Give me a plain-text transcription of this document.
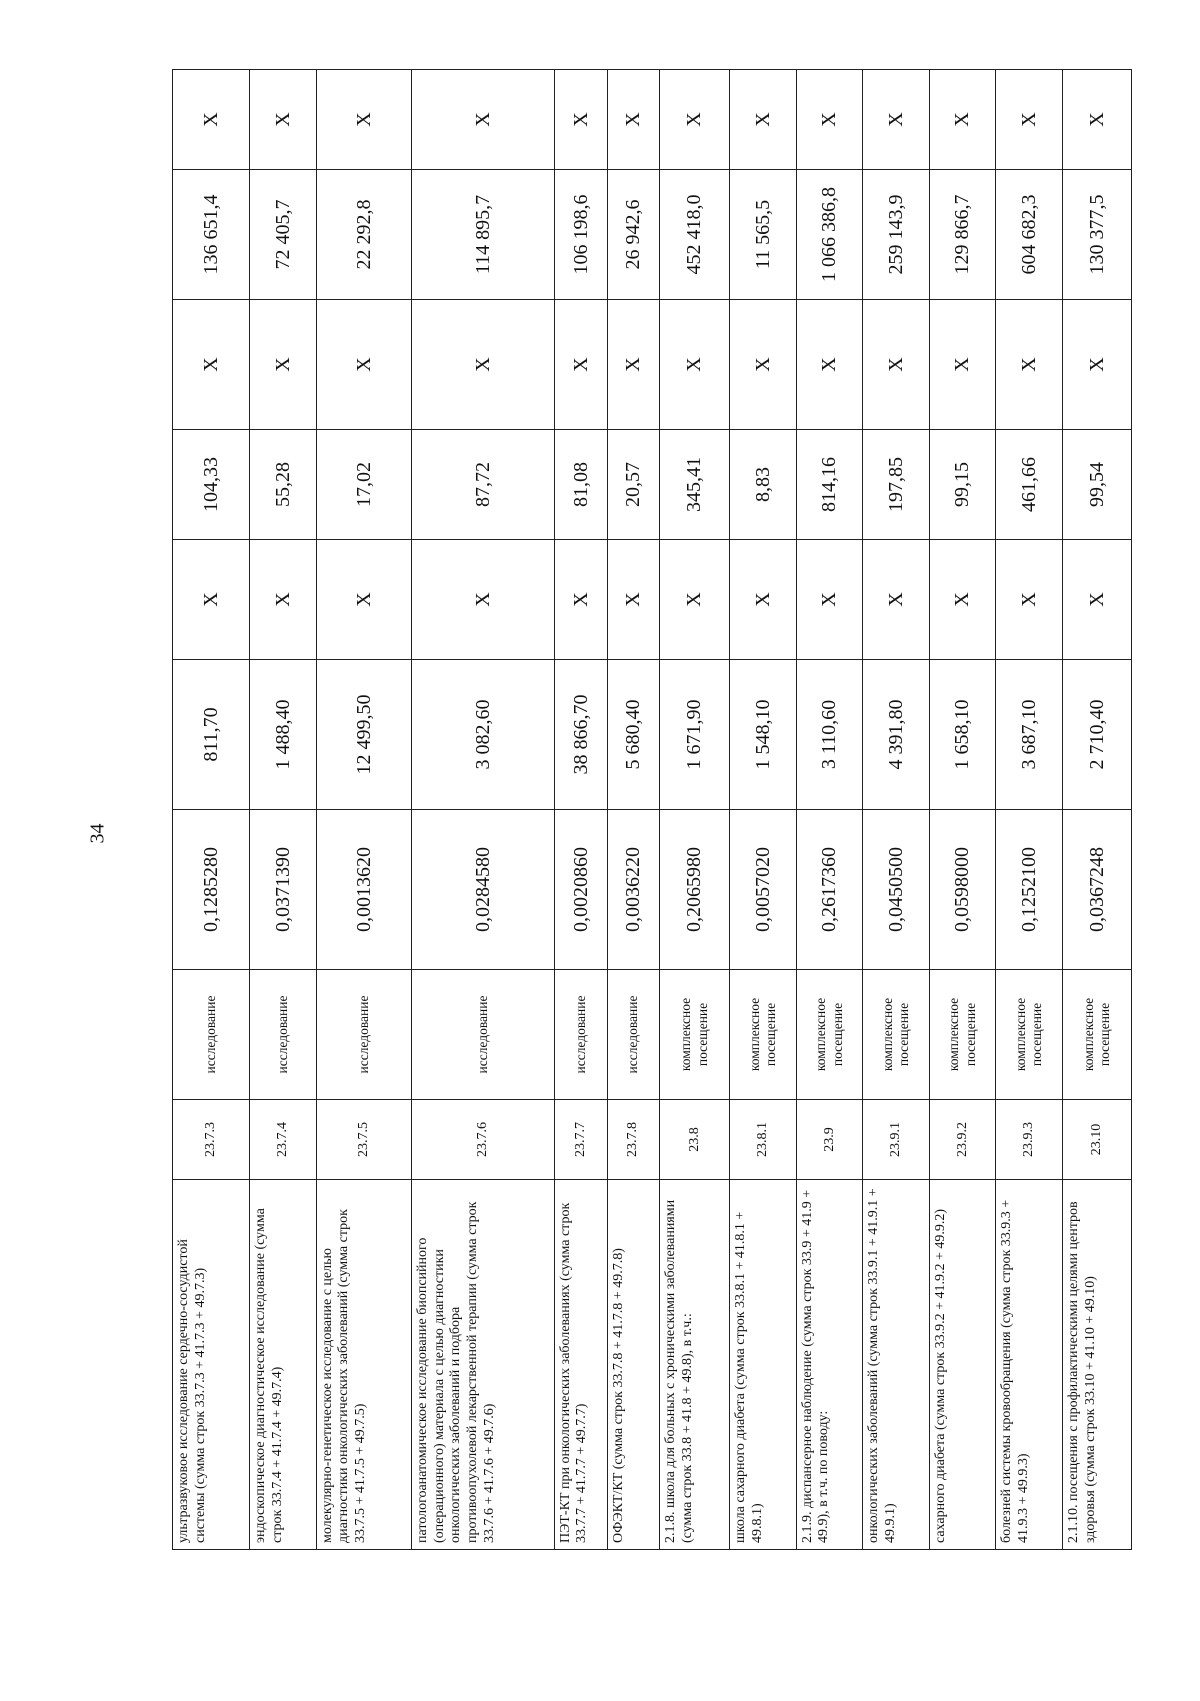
34
ультразвуковое исследование сердечно-сосудистой системы (сумма строк 33.7.3 + 41.7.3 + 49.7.3)	23.7.3	исследование	0,1285280	811,70	X	104,33	X	136 651,4	X
эндоскопическое диагностическое исследование (сумма строк 33.7.4 + 41.7.4 + 49.7.4)	23.7.4	исследование	0,0371390	1 488,40	X	55,28	X	72 405,7	X
молекулярно-генетическое исследование с целью диагностики онкологических заболеваний (сумма строк 33.7.5 + 41.7.5 + 49.7.5)	23.7.5	исследование	0,0013620	12 499,50	X	17,02	X	22 292,8	X
патологоанатомическое исследование биопсийного (операционного) материала с целью диагностики онкологических заболеваний и подбора противоопухолевой лекарственной терапии (сумма строк 33.7.6 + 41.7.6 + 49.7.6)	23.7.6	исследование	0,0284580	3 082,60	X	87,72	X	114 895,7	X
ПЭТ-КТ при онкологических заболеваниях (сумма строк 33.7.7 + 41.7.7 + 49.7.7)	23.7.7	исследование	0,0020860	38 866,70	X	81,08	X	106 198,6	X
ОФЭКТ/КТ (сумма строк 33.7.8 + 41.7.8 + 49.7.8)	23.7.8	исследование	0,0036220	5 680,40	X	20,57	X	26 942,6	X
2.1.8. школа для больных с хроническими заболеваниями (сумма строк 33.8 + 41.8 + 49.8), в т.ч.:	23.8	комплексное посещение	0,2065980	1 671,90	X	345,41	X	452 418,0	X
школа сахарного диабета (сумма строк 33.8.1 + 41.8.1 + 49.8.1)	23.8.1	комплексное посещение	0,0057020	1 548,10	X	8,83	X	11 565,5	X
2.1.9. диспансерное наблюдение (сумма строк 33.9 + 41.9 + 49.9), в т.ч. по поводу:	23.9	комплексное посещение	0,2617360	3 110,60	X	814,16	X	1 066 386,8	X
онкологических заболеваний (сумма строк 33.9.1 + 41.9.1 + 49.9.1)	23.9.1	комплексное посещение	0,0450500	4 391,80	X	197,85	X	259 143,9	X
сахарного диабета (сумма строк 33.9.2 + 41.9.2 + 49.9.2)	23.9.2	комплексное посещение	0,0598000	1 658,10	X	99,15	X	129 866,7	X
болезней системы кровообращения (сумма строк 33.9.3 + 41.9.3 + 49.9.3)	23.9.3	комплексное посещение	0,1252100	3 687,10	X	461,66	X	604 682,3	X
2.1.10. посещения с профилактическими целями центров здоровья (сумма строк 33.10 + 41.10 + 49.10)	23.10	комплексное посещение	0,0367248	2 710,40	X	99,54	X	130 377,5	X
